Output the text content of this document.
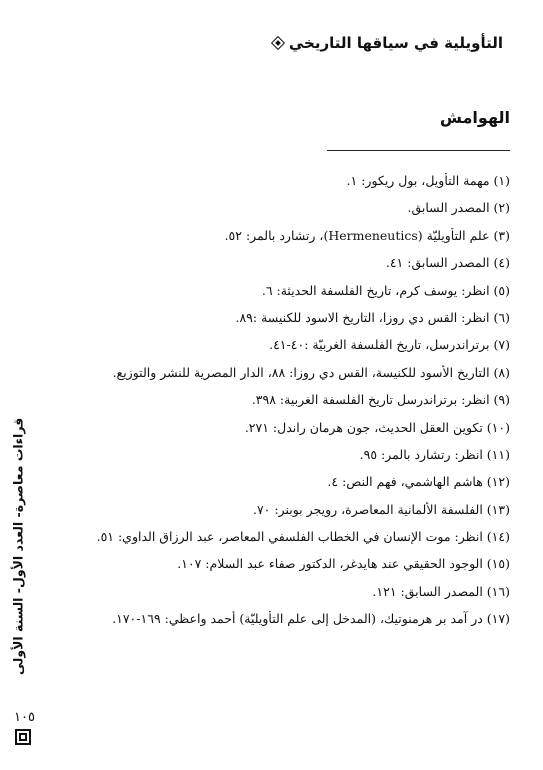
التأويلية في سياقها التاريخي
الهوامش
(١) مهمة التأويل، بول ريكور: ١.
(٢) المصدر السابق.
(٣) علم التأويليّة (Hermeneutics)، رتشارد بالمر: ٥٢.
(٤) المصدر السابق: ٤١.
(٥) انظر: يوسف كرم، تاريخ الفلسفة الحديثة: ٦.
(٦) انظر: القس دي روزا، التاريخ الاسود للكنيسة :٨٩.
(٧) برتراندرسل، تاريخ الفلسفة الغربيّة :٤٠-٤١.
(٨) التاريخ الأسود للكنيسة، القس دي روزا: ٨٨، الدار المصرية للنشر والتوزيع.
(٩) انظر: برتراندرسل تاريخ الفلسفة الغربية: ٣٩٨.
(١٠) تكوين العقل الحديث، جون هرمان راندل: ٢٧١.
(١١) انظر: رتشارد بالمر: ٩٥.
(١٢) هاشم الهاشمي، فهم النص: ٤.
(١٣) الفلسفة الألمانية المعاصرة، رويجر بوبنر: ٧٠.
(١٤) انظر: موت الإنسان في الخطاب الفلسفي المعاصر، عبد الرزاق الداوي: ٥١.
(١٥) الوجود الحقيقي عند هايدغر، الدكتور صفاء عبد السلام: ١٠٧.
(١٦) المصدر السابق: ١٢١.
(١٧) در آمد بر هرمنوتيك، (المدخل إلى علم التأويليّة) أحمد واعظي: ١٦٩-١٧٠.
قراءات معاصرة- العدد الأول- السنة الأولى
١٠٥
